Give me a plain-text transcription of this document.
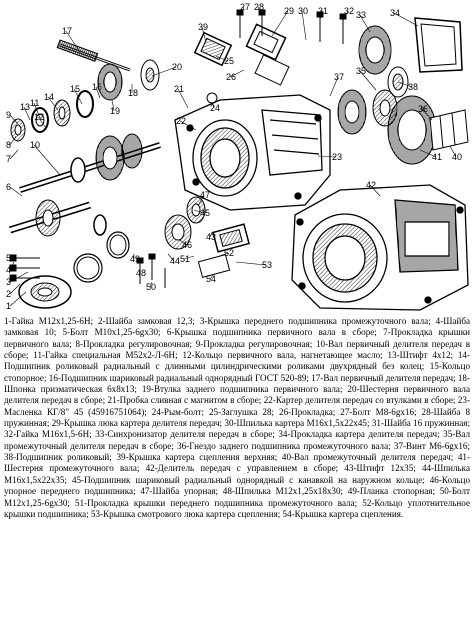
1
2
3
4
5
6
7
8
9
10
11
12
13
14
15 16
17
18
19
20
21
22
23
24
25
26
27 28 29 30 31 32 33	34
35
36
37
38
39
40
41
42
43
44
45
46
47
48
49
50
51
52
53
54
1-Гайка М12x1,25-6H; 2-Шайба замковая 12,3; 3-Крышка переднего подшипника промежуточного вала; 4-Шайба замковая 10; 5-Болт М10x1,25-6gx30; 6-Крышка подшипника первичного вала в сборе; 7-Прокладка крышки первичного вала; 8-Прокладка регулировочная; 9-Прокладка регулировочная; 10-Вал первичный делителя передач в сборе; 11-Гайка специальная М52x2-Л-6H; 12-Кольцо первичного вала, нагнетающее масло; 13-Штифт 4x12; 14-Подшипник роликовый радиальный с длинными цилиндрическими роликами двухрядный без колец; 15-Кольцо стопорное; 16-Подшипник шариковый радиальный однорядный ГОСТ 520-89; 17-Вал первичный делителя передач; 18-Шпонка призматическая 6x8x13; 19-Втулка заднего подшипника первичного вала; 20-Шестерня первичного вала делителя передач в сборе; 21-Пробка сливная с магнитом в сборе; 22-Картер делителя передач со втулками в сборе; 23-Масленка КГ/8" 45 (45916751064); 24-Рым-болт; 25-Заглушка 28; 26-Прокладка; 27-Болт М8-6gx16; 28-Шайба 8 пружинная; 29-Крышка люка картера делителя передач; 30-Шпилька картера М16x1,5x22x45; 31-Шайба 16 пружинная; 32-Гайка М16x1,5-6H; 33-Синхронизатор делителя передач в сборе; 34-Прокладка картера делителя передач; 35-Вал промежуточный делителя передач в сборе; 36-Гнездо заднего подшипника промежуточного вала; 37-Винт М6-6gx16; 38-Подшипник роликовый; 39-Крышка картера сцепления верхняя; 40-Вал промежуточный делителя передач; 41-Шестерня промежуточного вала; 42-Делитель передач с управлением в сборе; 43-Штифт 12x35; 44-Шпилька М16x1,5x22x35; 45-Подшипник шариковый радиальный однорядный с канавкой на наружном кольце; 46-Кольцо упорное переднего подшипника; 47-Шайба упорная; 48-Шпилька М12x1,25x18x30; 49-Планка стопорная; 50-Болт М12x1,25-6gx30; 51-Прокладка крышки переднего подшипника промежуточного вала; 52-Кольцо уплотнительное крышки подшипника; 53-Крышка смотрового люка картера сцепления; 54-Крышка картера сцепления.
